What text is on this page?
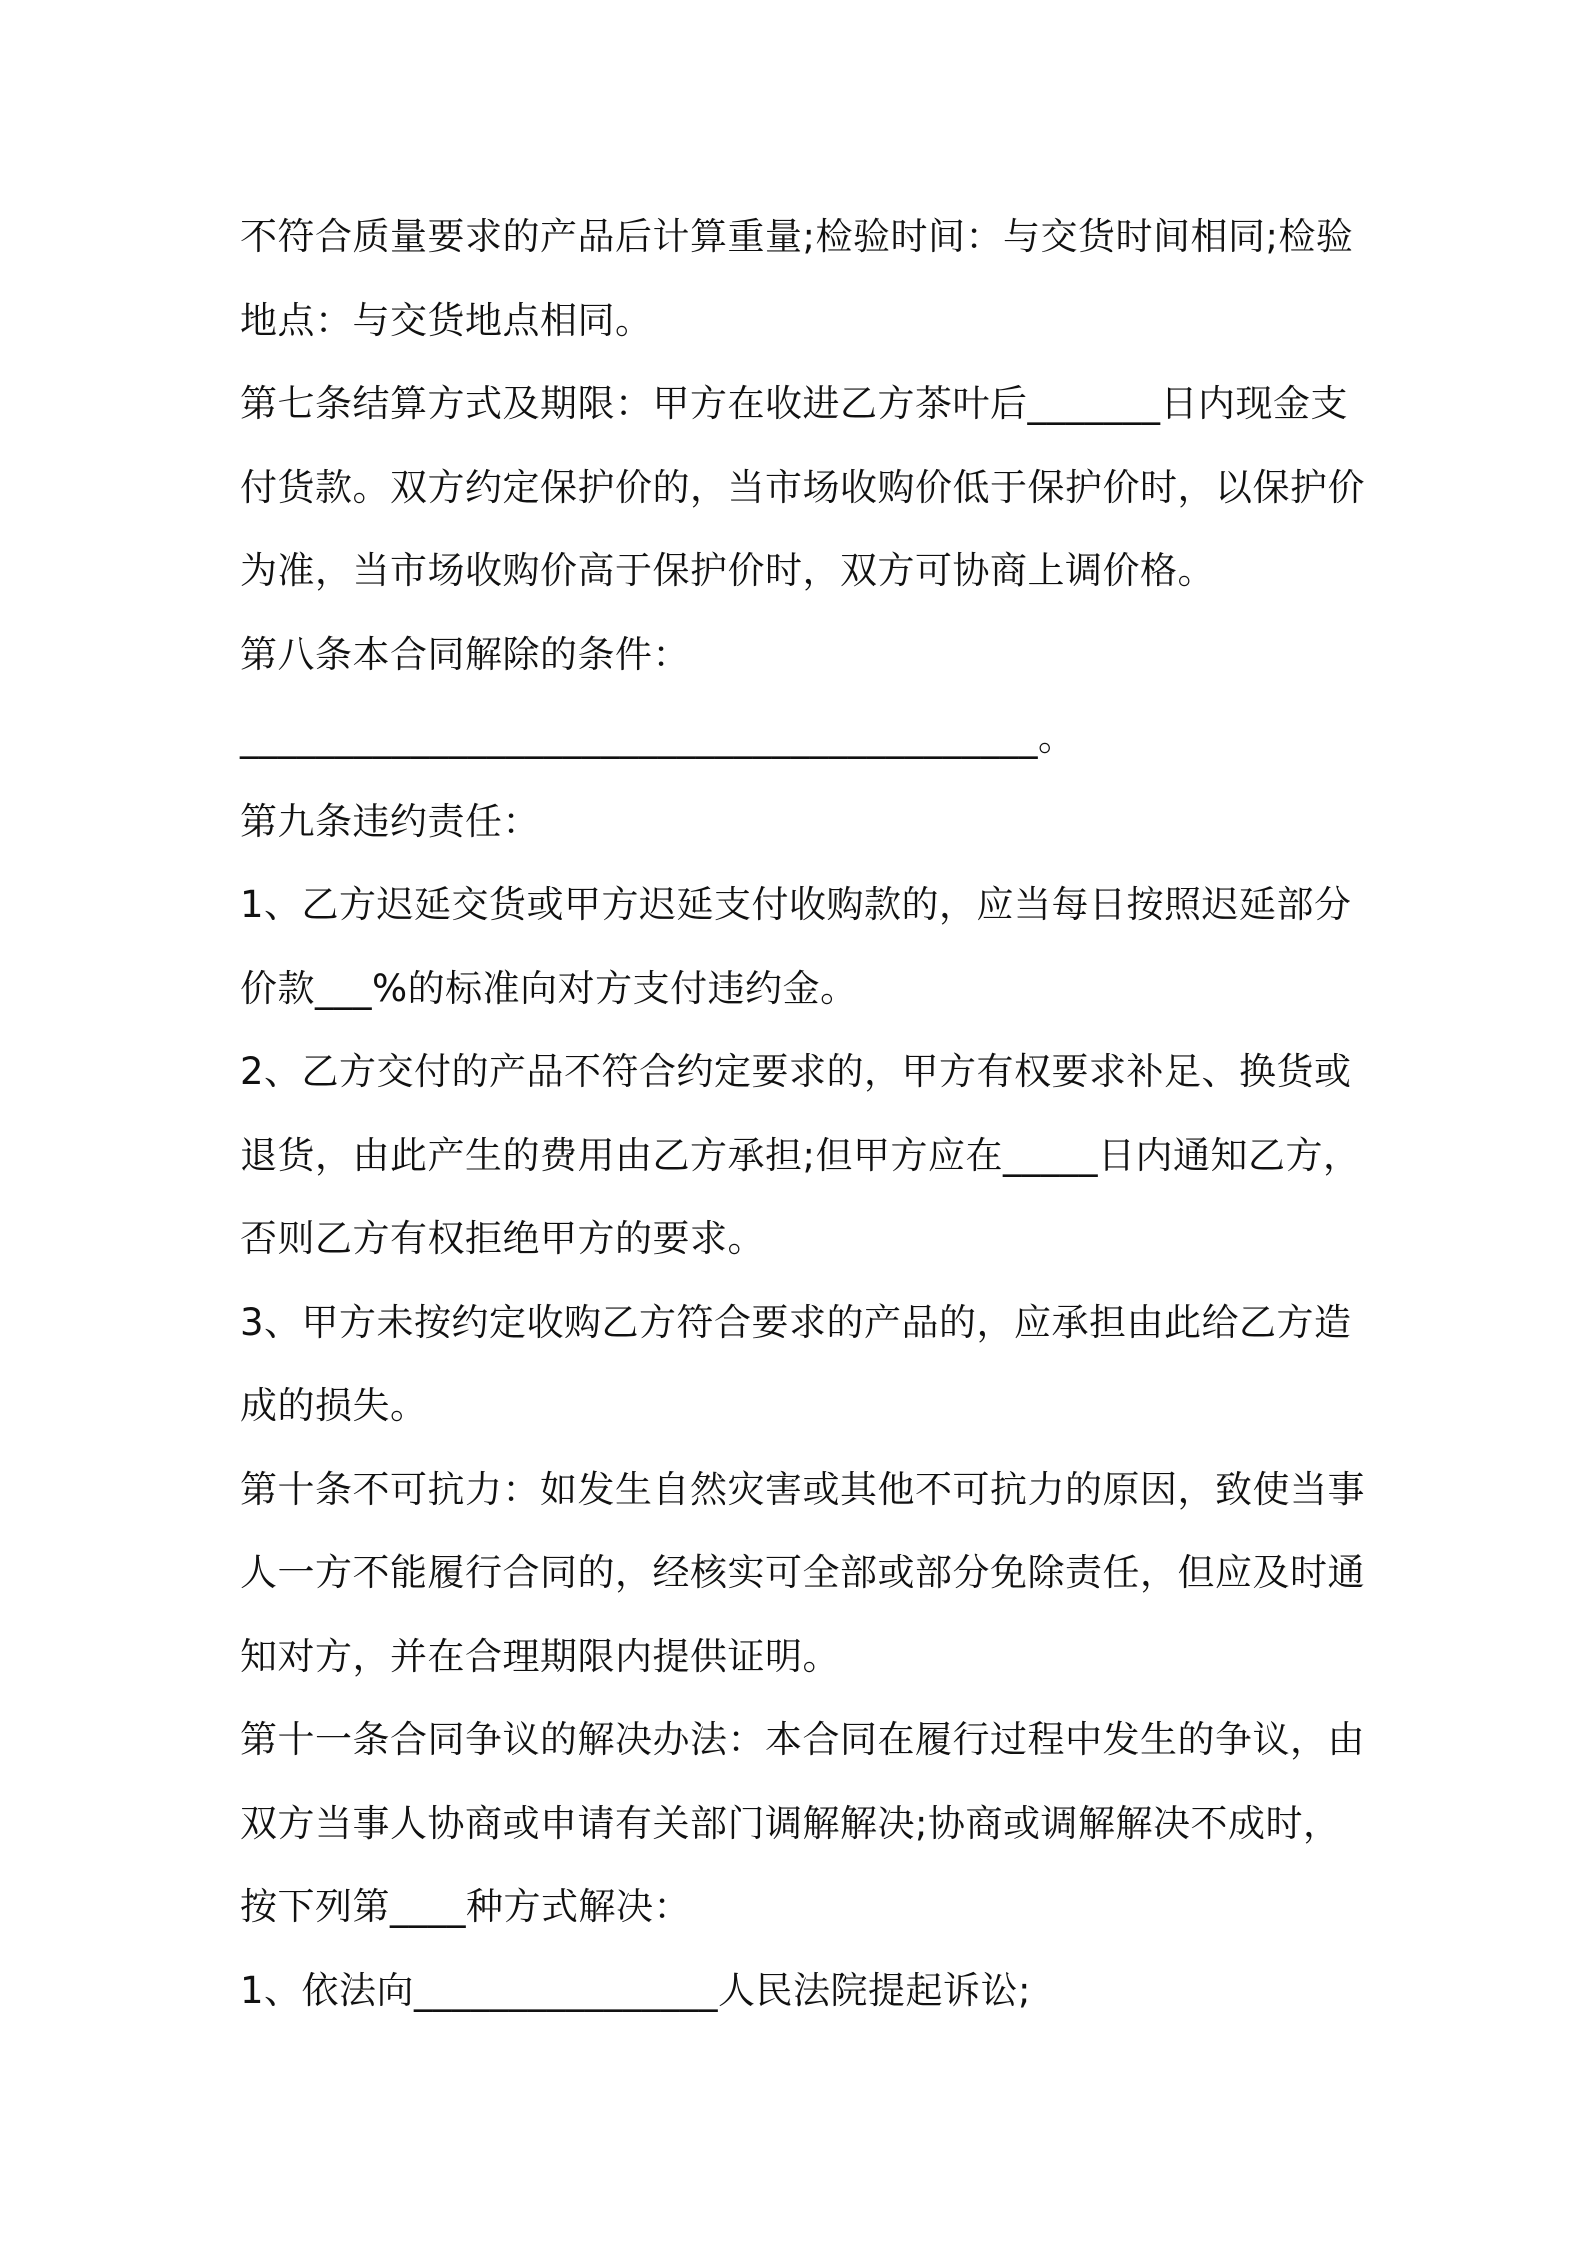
不符合质量要求的产品后计算重量;检验时间：与交货时间相同;检验
地点：与交货地点相同。
第七条结算方式及期限：甲方在收进乙方茶叶后_______日内现金支
付货款。双方约定保护价的，当市场收购价低于保护价时，以保护价
为准，当市场收购价高于保护价时，双方可协商上调价格。
第八条本合同解除的条件：
__________________________________________。
第九条违约责任：
1、乙方迟延交货或甲方迟延支付收购款的，应当每日按照迟延部分
价款___%的标准向对方支付违约金。
2、乙方交付的产品不符合约定要求的，甲方有权要求补足、换货或
退货，由此产生的费用由乙方承担;但甲方应在_____日内通知乙方，
否则乙方有权拒绝甲方的要求。
3、甲方未按约定收购乙方符合要求的产品的，应承担由此给乙方造
成的损失。
第十条不可抗力：如发生自然灾害或其他不可抗力的原因，致使当事
人一方不能履行合同的，经核实可全部或部分免除责任，但应及时通
知对方，并在合理期限内提供证明。
第十一条合同争议的解决办法：本合同在履行过程中发生的争议，由
双方当事人协商或申请有关部门调解解决;协商或调解解决不成时，
按下列第____种方式解决：
1、依法向________________人民法院提起诉讼;
